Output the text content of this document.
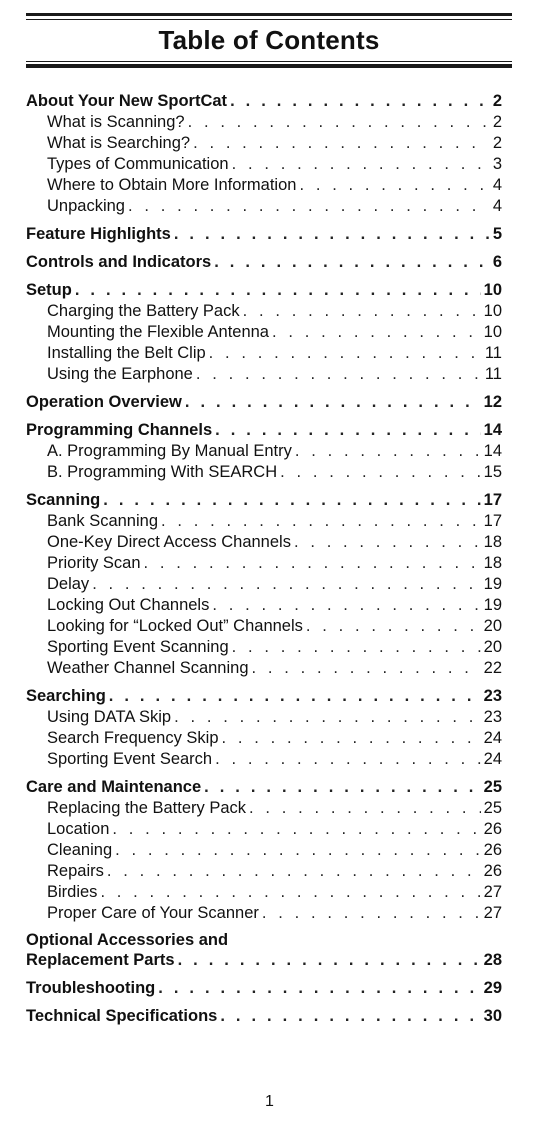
Table of Contents
About Your New SportCat . . .	2
What is Scanning? . . .	2
What is Searching? . . .	2
Types of Communication . . .	3
Where to Obtain More Information . . .	4
Unpacking . . .	4
Feature Highlights . . .	5
Controls and Indicators . . .	6
Setup . . .	10
Charging the Battery Pack . . .	10
Mounting the Flexible Antenna . . .	10
Installing the Belt Clip . . .	11
Using the Earphone . . .	11
Operation Overview . . .	12
Programming Channels . . .	14
A. Programming By Manual Entry . . .	14
B. Programming With SEARCH . . .	15
Scanning . . .	17
Bank Scanning . . .	17
One-Key Direct Access Channels . . .	18
Priority Scan . . .	18
Delay . . .	19
Locking Out Channels . . .	19
Looking for “Locked Out” Channels . . .	20
Sporting Event Scanning . . .	20
Weather Channel Scanning . . .	22
Searching . . .	23
Using DATA Skip . . .	23
Search Frequency Skip . . .	24
Sporting Event Search . . .	24
Care and Maintenance . . .	25
Replacing the Battery Pack . . .	25
Location . . .	26
Cleaning . . .	26
Repairs . . .	26
Birdies . . .	27
Proper Care of Your Scanner . . .	27
Optional Accessories and
Replacement Parts . . .	28
Troubleshooting . . .	29
Technical Specifications . . .	30
1
